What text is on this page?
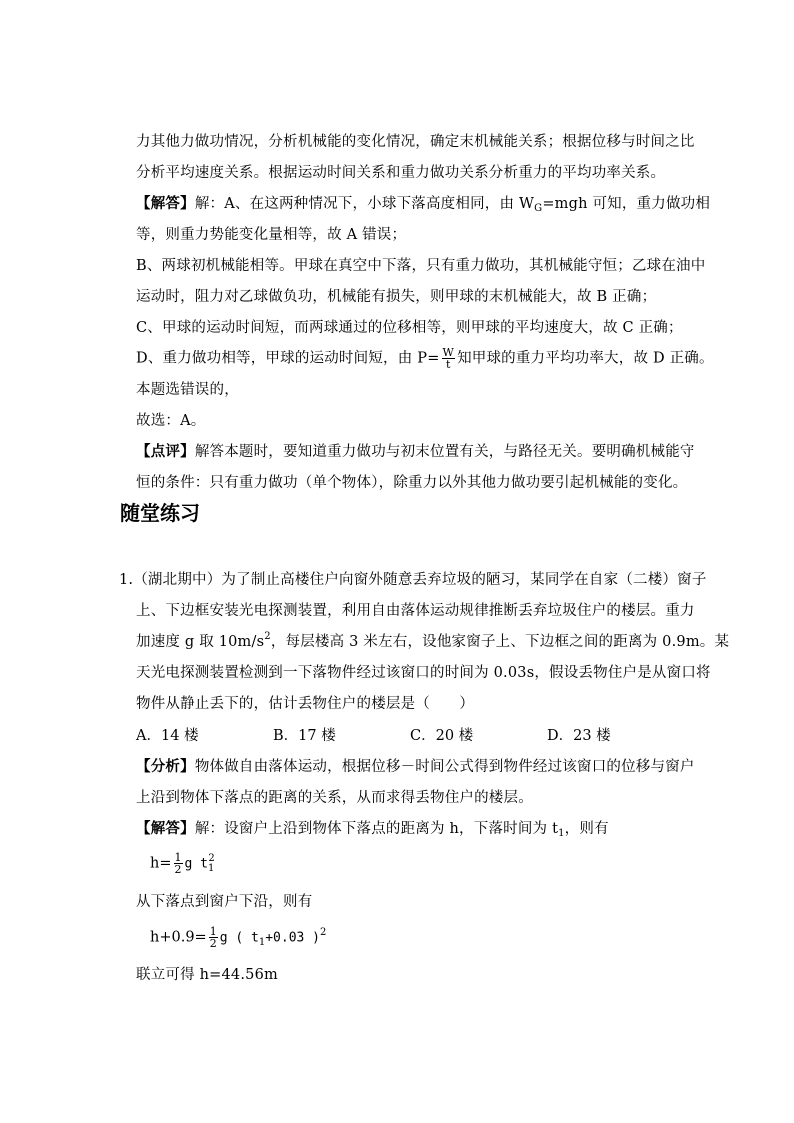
力其他力做功情况，分析机械能的变化情况，确定末机械能关系；根据位移与时间之比
分析平均速度关系。根据运动时间关系和重力做功关系分析重力的平均功率关系。
【解答】解：A、在这两种情况下，小球下落高度相同，由 $W_G=mgh$ 可知，重力做功相
等，则重力势能变化量相等，故 A 错误；
B、两球初机械能相等。甲球在真空中下落，只有重力做功，其机械能守恒；乙球在油中
运动时，阻力对乙球做负功，机械能有损失，则甲球的末机械能大，故 B 正确；
C、甲球的运动时间短，而两球通过的位移相等，则甲球的平均速度大，故 C 正确；
D、重力做功相等，甲球的运动时间短，由 $P= \frac{W}{t}$ 知甲球的重力平均功率大，故 D 正确。
本题选错误的，
故选：A。
【点评】解答本题时，要知道重力做功与初末位置有关，与路径无关。要明确机械能守
恒的条件：只有重力做功（单个物体），除重力以外其他力做功要引起机械能的变化。
随堂练习
1.（湖北期中）为了制止高楼住户向窗外随意丢弃垃圾的陋习，某同学在自家（二楼）窗子
上、下边框安装光电探测装置，利用自由落体运动规律推断丢弃垃圾住户的楼层。重力
加速度 g 取 $10m/s^2$，每层楼高 3 米左右，设他家窗子上、下边框之间的距离为 0.9m。某
天光电探测装置检测到一下落物件经过该窗口的时间为 0.03s，假设丢物住户是从窗口将
物件从静止丢下的，估计丢物住户的楼层是（　　）
A．14 楼	B．17 楼	C．20 楼	D．23 楼
【分析】物体做自由落体运动，根据位移－时间公式得到物件经过该窗口的位移与窗户
上沿到物体下落点的距离的关系，从而求得丢物住户的楼层。
【解答】解：设窗户上沿到物体下落点的距离为 h，下落时间为 $t_1$，则有
$h= \frac{1}{2}$ g $t_1^2$
从下落点到窗户下沿，则有
$h+0.9= \frac{1}{2}$ g ( $t_1+0.03$ )$^2$
联立可得 h=44.56m
